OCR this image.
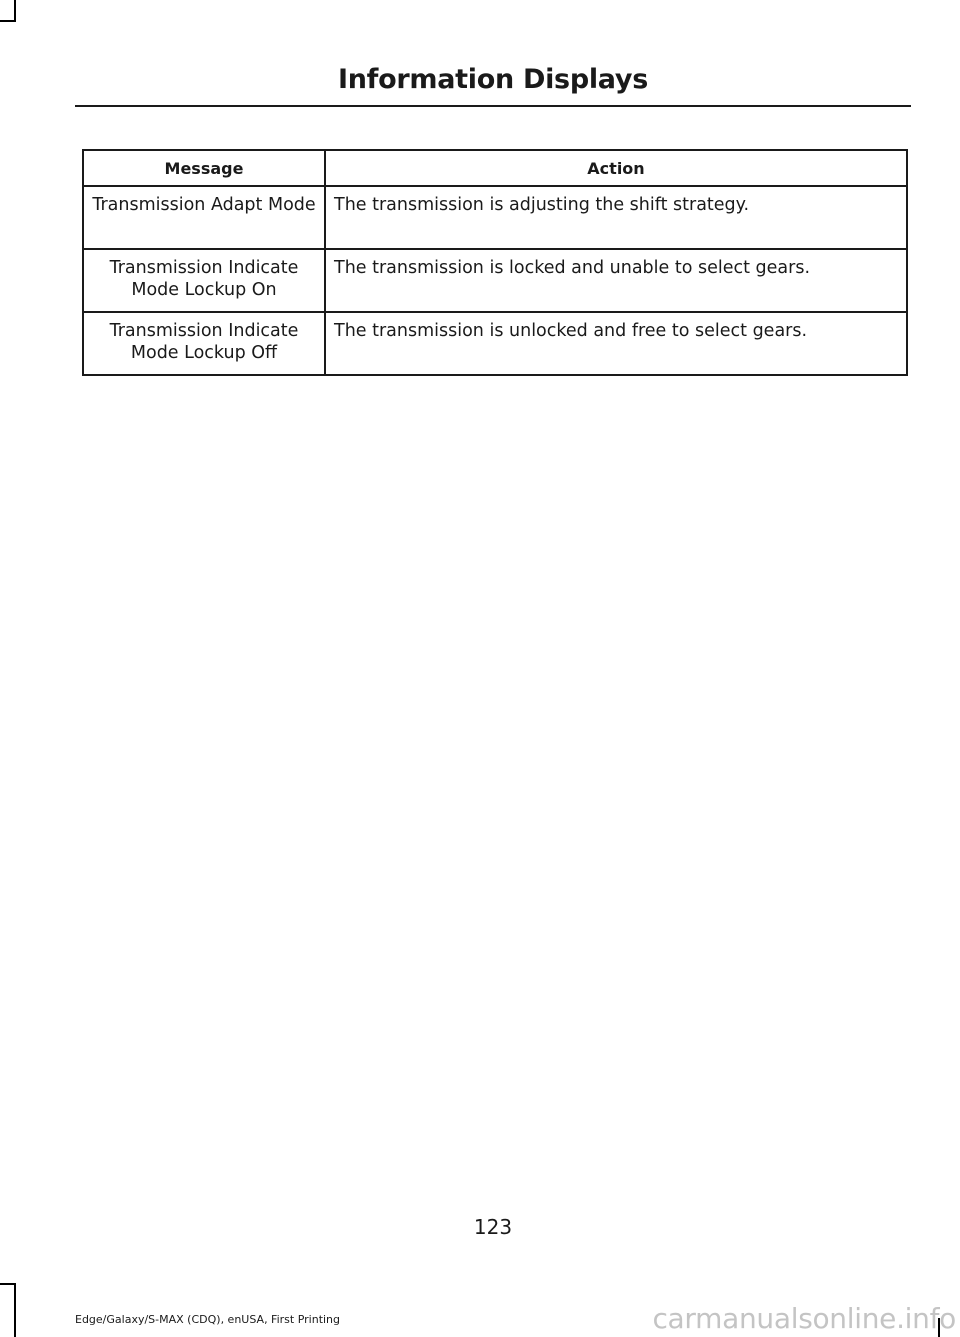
Information Displays
Message	Action
Transmission Adapt Mode	The transmission is adjusting the shift strategy.
Transmission Indicate Mode Lockup On	The transmission is locked and unable to select gears.
Transmission Indicate Mode Lockup Off	The transmission is unlocked and free to select gears.
123
Edge/Galaxy/S-MAX (CDQ), enUSA, First Printing	carmanualsonline.info
